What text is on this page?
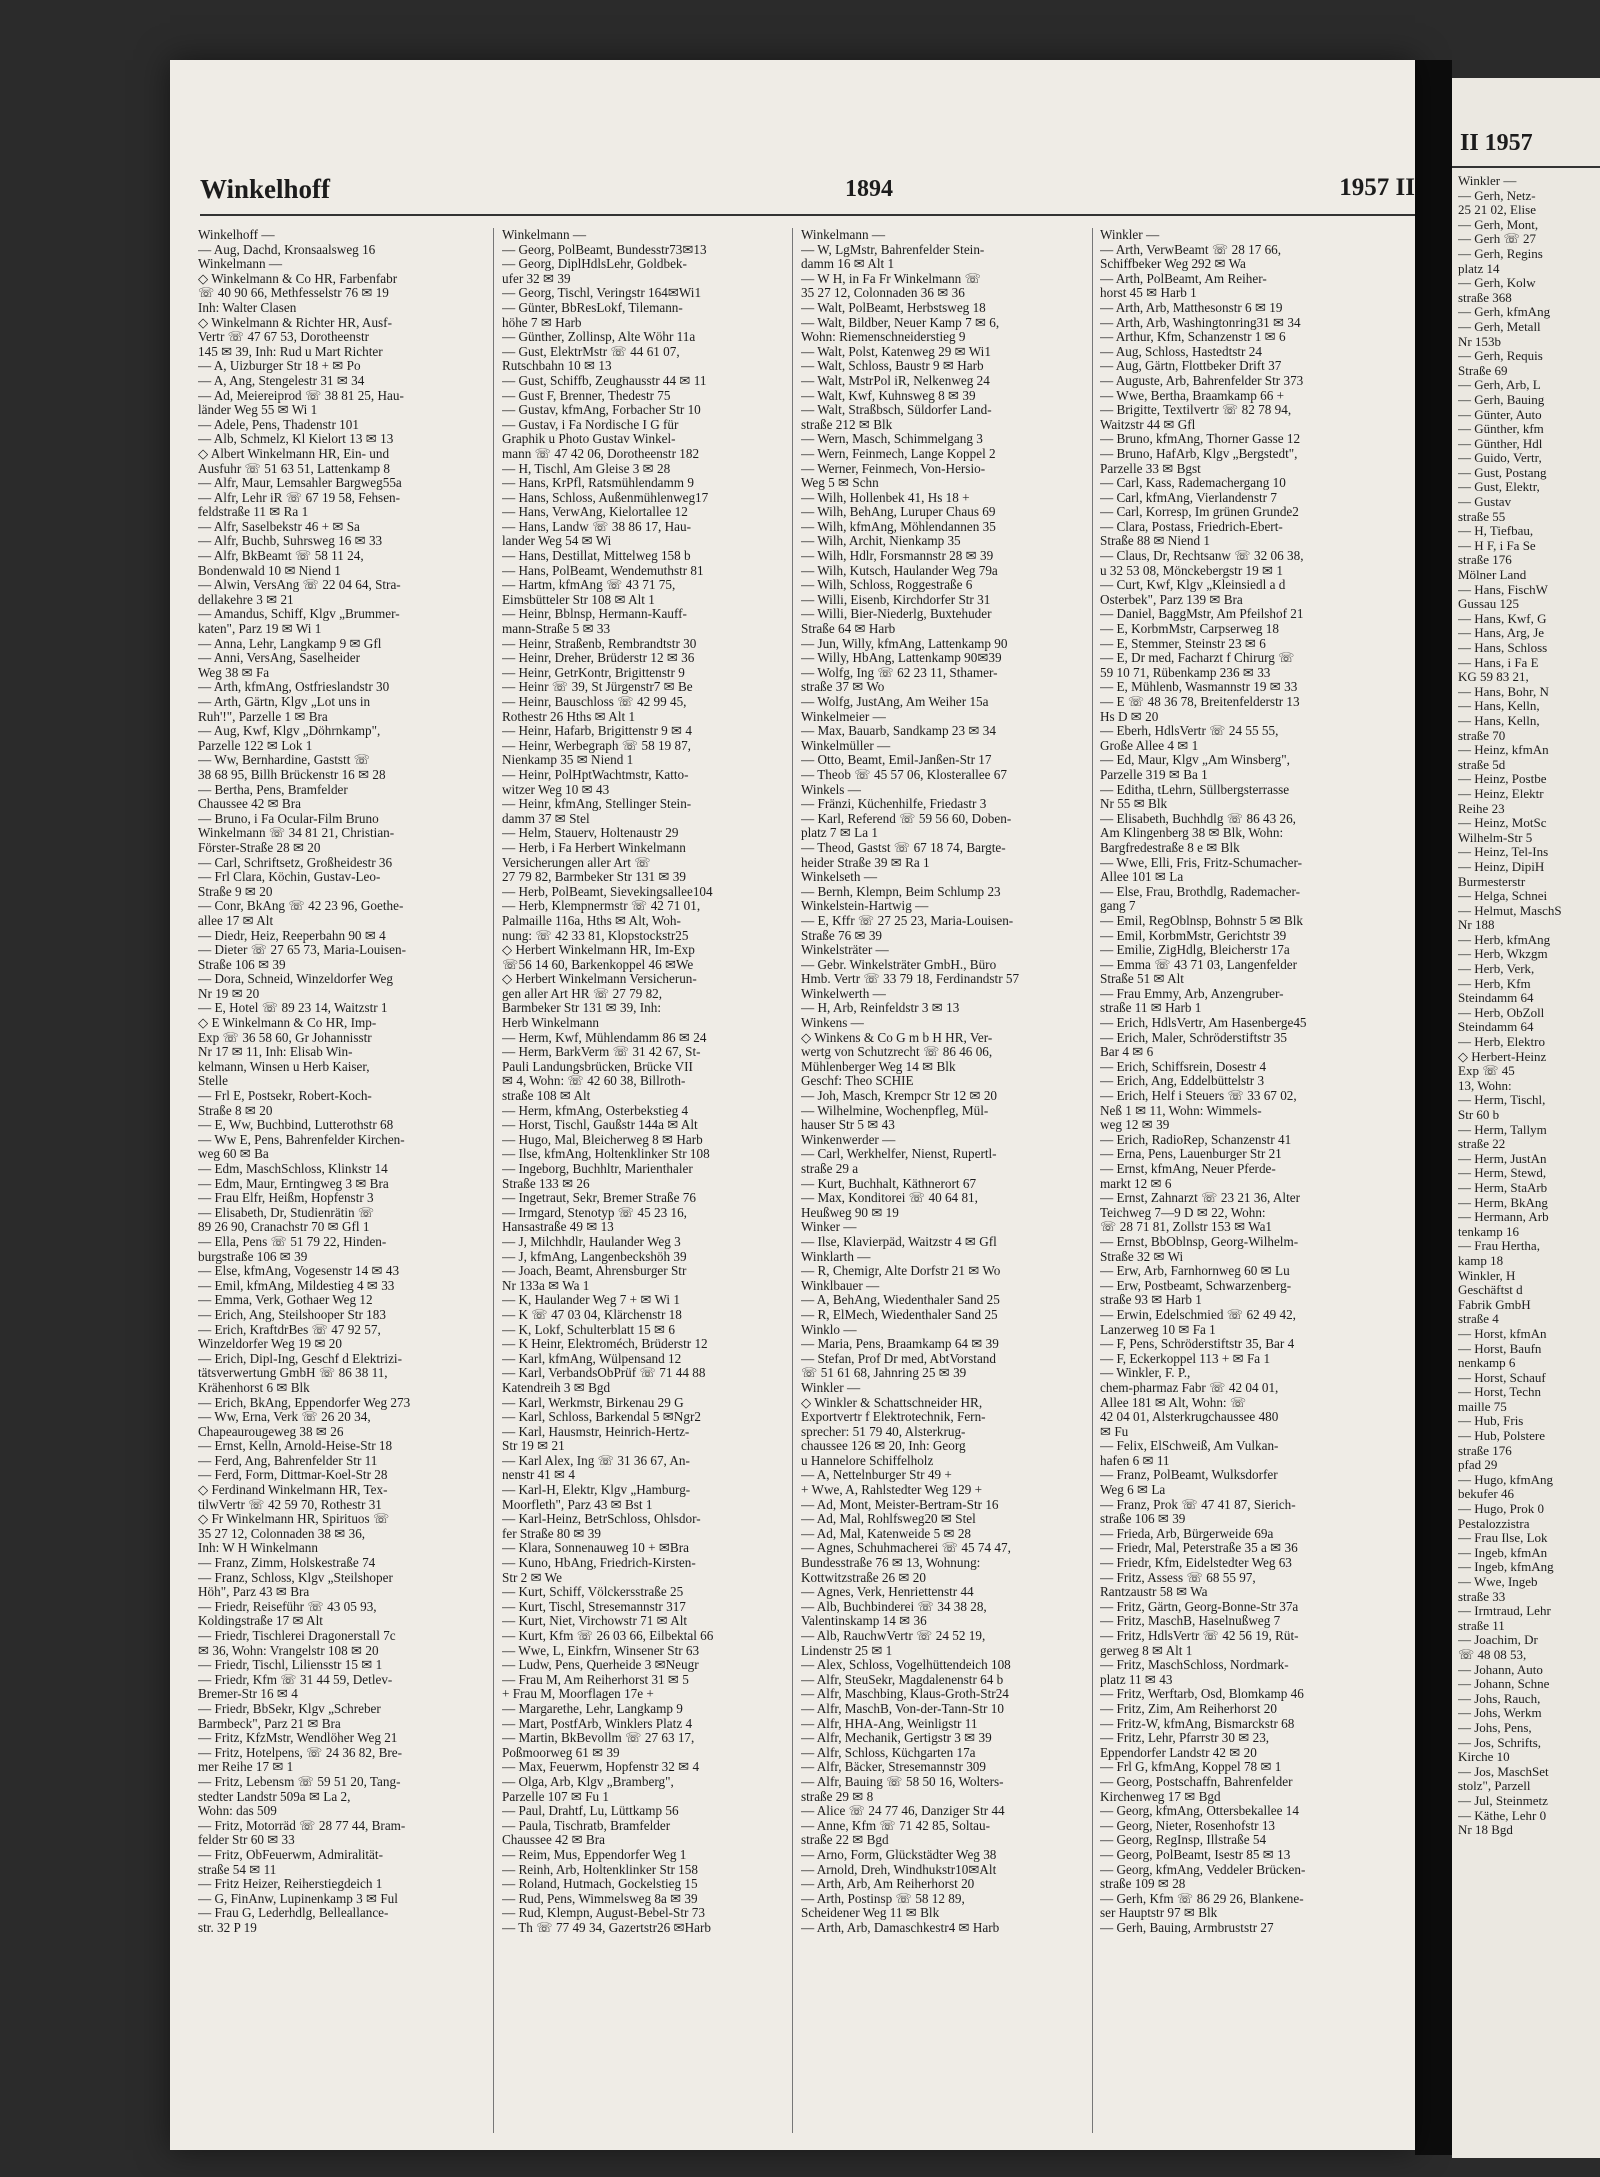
Winkelhoff	1894	1957 II
Winkelhoff —
— Aug, Dachd, Kronsaalsweg 16
Winkelmann —
◇ Winkelmann & Co HR, Farbenfabr
☏ 40 90 66, Methfesselstr 76 ✉ 19
Inh: Walter Clasen
◇ Winkelmann & Richter HR, Ausf-
Vertr ☏ 47 67 53, Dorotheenstr
145 ✉ 39, Inh: Rud u Mart Richter
— A, Uizburger Str 18 + ✉ Po
— A, Ang, Stengelestr 31 ✉ 34
— Ad, Meiereiprod ☏ 38 81 25, Hau-
länder Weg 55 ✉ Wi 1
— Adele, Pens, Thadenstr 101
— Alb, Schmelz, Kl Kielort 13 ✉ 13
◇ Albert Winkelmann HR, Ein- und
Ausfuhr ☏ 51 63 51, Lattenkamp 8
— Alfr, Maur, Lemsahler Bargweg55a
— Alfr, Lehr iR ☏ 67 19 58, Fehsen-
feldstraße 11 ✉ Ra 1
— Alfr, Saselbekstr 46 + ✉ Sa
— Alfr, Buchb, Suhrsweg 16 ✉ 33
— Alfr, BkBeamt ☏ 58 11 24,
Bondenwald 10 ✉ Niend 1
— Alwin, VersAng ☏ 22 04 64, Stra-
dellakehre 3 ✉ 21
— Amandus, Schiff, Klgv „Brummer-
katen", Parz 19 ✉ Wi 1
— Anna, Lehr, Langkamp 9 ✉ Gfl
— Anni, VersAng, Saselheider
Weg 38 ✉ Fa
— Arth, kfmAng, Ostfrieslandstr 30
— Arth, Gärtn, Klgv „Lot uns in
Ruh'!", Parzelle 1 ✉ Bra
— Aug, Kwf, Klgv „Döhrnkamp",
Parzelle 122 ✉ Lok 1
— Ww, Bernhardine, Gaststt ☏
38 68 95, Billh Brückenstr 16 ✉ 28
— Bertha, Pens, Bramfelder
Chaussee 42 ✉ Bra
— Bruno, i Fa Ocular-Film Bruno
Winkelmann ☏ 34 81 21, Christian-
Förster-Straße 28 ✉ 20
— Carl, Schriftsetz, Großheidestr 36
— Frl Clara, Köchin, Gustav-Leo-
Straße 9 ✉ 20
— Conr, BkAng ☏ 42 23 96, Goethe-
allee 17 ✉ Alt
— Diedr, Heiz, Reeperbahn 90 ✉ 4
— Dieter ☏ 27 65 73, Maria-Louisen-
Straße 106 ✉ 39
— Dora, Schneid, Winzeldorfer Weg
Nr 19 ✉ 20
— E, Hotel ☏ 89 23 14, Waitzstr 1
◇ E Winkelmann & Co HR, Imp-
Exp ☏ 36 58 60, Gr Johannisstr
Nr 17 ✉ 11, Inh: Elisab Win-
kelmann, Winsen u Herb Kaiser,
Stelle
— Frl E, Postsekr, Robert-Koch-
Straße 8 ✉ 20
— E, Ww, Buchbind, Lutterothstr 68
— Ww E, Pens, Bahrenfelder Kirchen-
weg 60 ✉ Ba
— Edm, MaschSchloss, Klinkstr 14
— Edm, Maur, Erntingweg 3 ✉ Bra
— Frau Elfr, Heißm, Hopfenstr 3
— Elisabeth, Dr, Studienrätin ☏
89 26 90, Cranachstr 70 ✉ Gfl 1
— Ella, Pens ☏ 51 79 22, Hinden-
burgstraße 106 ✉ 39
— Else, kfmAng, Vogesenstr 14 ✉ 43
— Emil, kfmAng, Mildestieg 4 ✉ 33
— Emma, Verk, Gothaer Weg 12
— Erich, Ang, Steilshooper Str 183
— Erich, KraftdrBes ☏ 47 92 57,
Winzeldorfer Weg 19 ✉ 20
— Erich, Dipl-Ing, Geschf d Elektrizi-
tätsverwertung GmbH ☏ 86 38 11,
Krähenhorst 6 ✉ Blk
— Erich, BkAng, Eppendorfer Weg 273
— Ww, Erna, Verk ☏ 26 20 34,
Chapeaurougeweg 38 ✉ 26
— Ernst, Kelln, Arnold-Heise-Str 18
— Ferd, Ang, Bahrenfelder Str 11
— Ferd, Form, Dittmar-Koel-Str 28
◇ Ferdinand Winkelmann HR, Tex-
tilwVertr ☏ 42 59 70, Rothestr 31
◇ Fr Winkelmann HR, Spirituos ☏
35 27 12, Colonnaden 38 ✉ 36,
Inh: W H Winkelmann
— Franz, Zimm, Holskestraße 74
— Franz, Schloss, Klgv „Steilshoper
Höh", Parz 43 ✉ Bra
— Friedr, Reiseführ ☏ 43 05 93,
Koldingstraße 17 ✉ Alt
— Friedr, Tischlerei Dragonerstall 7c
✉ 36, Wohn: Vrangelstr 108 ✉ 20
— Friedr, Tischl, Liliensstr 15 ✉ 1
— Friedr, Kfm ☏ 31 44 59, Detlev-
Bremer-Str 16 ✉ 4
— Friedr, BbSekr, Klgv „Schreber
Barmbeck", Parz 21 ✉ Bra
— Fritz, KfzMstr, Wendlöher Weg 21
— Fritz, Hotelpens, ☏ 24 36 82, Bre-
mer Reihe 17 ✉ 1
— Fritz, Lebensm ☏ 59 51 20, Tang-
stedter Landstr 509a ✉ La 2,
Wohn: das 509
— Fritz, Motorräd ☏ 28 77 44, Bram-
felder Str 60 ✉ 33
— Fritz, ObFeuerwm, Admiralität-
straße 54 ✉ 11
— Fritz Heizer, Reiherstiegdeich 1
— G, FinAnw, Lupinenkamp 3 ✉ Ful
— Frau G, Lederhdlg, Belleallance-
str. 32 P 19
Winkelmann —
— Georg, PolBeamt, Bundesstr73✉13
— Georg, DiplHdlsLehr, Goldbek-
ufer 32 ✉ 39
— Georg, Tischl, Veringstr 164✉Wi1
— Günter, BbResLokf, Tilemann-
höhe 7 ✉ Harb
— Günther, Zollinsp, Alte Wöhr 11a
— Gust, ElektrMstr ☏ 44 61 07,
Rutschbahn 10 ✉ 13
— Gust, Schiffb, Zeughausstr 44 ✉ 11
— Gust F, Brenner, Thedestr 75
— Gustav, kfmAng, Forbacher Str 10
— Gustav, i Fa Nordische I G für
Graphik u Photo Gustav Winkel-
mann ☏ 47 42 06, Dorotheenstr 182
— H, Tischl, Am Gleise 3 ✉ 28
— Hans, KrPfl, Ratsmühlendamm 9
— Hans, Schloss, Außenmühlenweg17
— Hans, VerwAng, Kielortallee 12
— Hans, Landw ☏ 38 86 17, Hau-
lander Weg 54 ✉ Wi
— Hans, Destillat, Mittelweg 158 b
— Hans, PolBeamt, Wendemuthstr 81
— Hartm, kfmAng ☏ 43 71 75,
Eimsbütteler Str 108 ✉ Alt 1
— Heinr, Bblnsp, Hermann-Kauff-
mann-Straße 5 ✉ 33
— Heinr, Straßenb, Rembrandtstr 30
— Heinr, Dreher, Brüderstr 12 ✉ 36
— Heinr, GetrKontr, Brigittenstr 9
— Heinr ☏ 39, St Jürgenstr7 ✉ Be
— Heinr, Bauschloss ☏ 42 99 45,
Rothestr 26 Hths ✉ Alt 1
— Heinr, Hafarb, Brigittenstr 9 ✉ 4
— Heinr, Werbegraph ☏ 58 19 87,
Nienkamp 35 ✉ Niend 1
— Heinr, PolHptWachtmstr, Katto-
witzer Weg 10 ✉ 43
— Heinr, kfmAng, Stellinger Stein-
damm 37 ✉ Stel
— Helm, Stauerv, Holtenaustr 29
— Herb, i Fa Herbert Winkelmann
Versicherungen aller Art ☏
27 79 82, Barmbeker Str 131 ✉ 39
— Herb, PolBeamt, Sievekingsallee104
— Herb, Klempnermstr ☏ 42 71 01,
Palmaille 116a, Hths ✉ Alt, Woh-
nung: ☏ 42 33 81, Klopstockstr25
◇ Herbert Winkelmann HR, Im-Exp
☏56 14 60, Barkenkoppel 46 ✉We
◇ Herbert Winkelmann Versicherun-
gen aller Art HR ☏ 27 79 82,
Barmbeker Str 131 ✉ 39, Inh:
Herb Winkelmann
— Herm, Kwf, Mühlendamm 86 ✉ 24
— Herm, BarkVerm ☏ 31 42 67, St-
Pauli Landungsbrücken, Brücke VII
✉ 4, Wohn: ☏ 42 60 38, Billroth-
straße 108 ✉ Alt
— Herm, kfmAng, Osterbekstieg 4
— Horst, Tischl, Gaußstr 144a ✉ Alt
— Hugo, Mal, Bleicherweg 8 ✉ Harb
— Ilse, kfmAng, Holtenklinker Str 108
— Ingeborg, Buchhltr, Marienthaler
Straße 133 ✉ 26
— Ingetraut, Sekr, Bremer Straße 76
— Irmgard, Stenotyp ☏ 45 23 16,
Hansastraße 49 ✉ 13
— J, Milchhdlr, Haulander Weg 3
— J, kfmAng, Langenbeckshöh 39
— Joach, Beamt, Ahrensburger Str
Nr 133a ✉ Wa 1
— K, Haulander Weg 7 + ✉ Wi 1
— K ☏ 47 03 04, Klärchenstr 18
— K, Lokf, Schulterblatt 15 ✉ 6
— K Heinr, Elektroméch, Brüderstr 12
— Karl, kfmAng, Wülpensand 12
— Karl, VerbandsObPrüf ☏ 71 44 88
Katendreih 3 ✉ Bgd
— Karl, Werkmstr, Birkenau 29 G
— Karl, Schloss, Barkendal 5 ✉Ngr2
— Karl, Hausmstr, Heinrich-Hertz-
Str 19 ✉ 21
— Karl Alex, Ing ☏ 31 36 67, An-
nenstr 41 ✉ 4
— Karl-H, Elektr, Klgv „Hamburg-
Moorfleth", Parz 43 ✉ Bst 1
— Karl-Heinz, BetrSchloss, Ohlsdor-
fer Straße 80 ✉ 39
— Klara, Sonnenauweg 10 + ✉Bra
— Kuno, HbAng, Friedrich-Kirsten-
Str 2 ✉ We
— Kurt, Schiff, Völckersstraße 25
— Kurt, Tischl, Stresemannstr 317
— Kurt, Niet, Virchowstr 71 ✉ Alt
— Kurt, Kfm ☏ 26 03 66, Eilbektal 66
— Wwe, L, Einkfrn, Winsener Str 63
— Ludw, Pens, Querheide 3 ✉Neugr
— Frau M, Am Reiherhorst 31 ✉ 5
+ Frau M, Moorflagen 17e +
— Margarethe, Lehr, Langkamp 9
— Mart, PostfArb, Winklers Platz 4
— Martin, BkBevollm ☏ 27 63 17,
Poßmoorweg 61 ✉ 39
— Max, Feuerwm, Hopfenstr 32 ✉ 4
— Olga, Arb, Klgv „Bramberg",
Parzelle 107 ✉ Fu 1
— Paul, Drahtf, Lu, Lüttkamp 56
— Paula, Tischratb, Bramfelder
Chaussee 42 ✉ Bra
— Reim, Mus, Eppendorfer Weg 1
— Reinh, Arb, Holtenklinker Str 158
— Roland, Hutmach, Gockelstieg 15
— Rud, Pens, Wimmelsweg 8a ✉ 39
— Rud, Klempn, August-Bebel-Str 73
— Th ☏ 77 49 34, Gazertstr26 ✉Harb
Winkelmann —
— W, LgMstr, Bahrenfelder Stein-
damm 16 ✉ Alt 1
— W H, in Fa Fr Winkelmann ☏
35 27 12, Colonnaden 36 ✉ 36
— Walt, PolBeamt, Herbstsweg 18
— Walt, Bildber, Neuer Kamp 7 ✉ 6,
Wohn: Riemenschneiderstieg 9
— Walt, Polst, Katenweg 29 ✉ Wi1
— Walt, Schloss, Baustr 9 ✉ Harb
— Walt, MstrPol iR, Nelkenweg 24
— Walt, Kwf, Kuhnsweg 8 ✉ 39
— Walt, Straßbsch, Süldorfer Land-
straße 212 ✉ Blk
— Wern, Masch, Schimmelgang 3
— Wern, Feinmech, Lange Koppel 2
— Werner, Feinmech, Von-Hersio-
Weg 5 ✉ Schn
— Wilh, Hollenbek 41, Hs 18 +
— Wilh, BehAng, Luruper Chaus 69
— Wilh, kfmAng, Möhlendannen 35
— Wilh, Archit, Nienkamp 35
— Wilh, Hdlr, Forsmannstr 28 ✉ 39
— Wilh, Kutsch, Haulander Weg 79a
— Wilh, Schloss, Roggestraße 6
— Willi, Eisenb, Kirchdorfer Str 31
— Willi, Bier-Niederlg, Buxtehuder
Straße 64 ✉ Harb
— Jun, Willy, kfmAng, Lattenkamp 90
— Willy, HbAng, Lattenkamp 90✉39
— Wolfg, Ing ☏ 62 23 11, Sthamer-
straße 37 ✉ Wo
— Wolfg, JustAng, Am Weiher 15a
Winkelmeier —
— Max, Bauarb, Sandkamp 23 ✉ 34
Winkelmüller —
— Otto, Beamt, Emil-Janßen-Str 17
— Theob ☏ 45 57 06, Klosterallee 67
Winkels —
— Fränzi, Küchenhilfe, Friedastr 3
— Karl, Referend ☏ 59 56 60, Doben-
platz 7 ✉ La 1
— Theod, Gastst ☏ 67 18 74, Bargte-
heider Straße 39 ✉ Ra 1
Winkelseth —
— Bernh, Klempn, Beim Schlump 23
Winkelstein-Hartwig —
— E, Kffr ☏ 27 25 23, Maria-Louisen-
Straße 76 ✉ 39
Winkelsträter —
— Gebr. Winkelsträter GmbH., Büro
Hmb. Vertr ☏ 33 79 18, Ferdinandstr 57
Winkelwerth —
— H, Arb, Reinfeldstr 3 ✉ 13
Winkens —
◇ Winkens & Co G m b H HR, Ver-
wertg von Schutzrecht ☏ 86 46 06,
Mühlenberger Weg 14 ✉ Blk
Geschf: Theo SCHIE
— Joh, Masch, Krempcr Str 12 ✉ 20
— Wilhelmine, Wochenpfleg, Mül-
hauser Str 5 ✉ 43
Winkenwerder —
— Carl, Werkhelfer, Nienst, Rupertl-
straße 29 a
— Kurt, Buchhalt, Käthnerort 67
— Max, Konditorei ☏ 40 64 81,
Heußweg 90 ✉ 19
Winker —
— Ilse, Klavierpäd, Waitzstr 4 ✉ Gfl
Winklarth —
— R, Chemigr, Alte Dorfstr 21 ✉ Wo
Winklbauer —
— A, BehAng, Wiedenthaler Sand 25
— R, ElMech, Wiedenthaler Sand 25
Winklo —
— Maria, Pens, Braamkamp 64 ✉ 39
— Stefan, Prof Dr med, AbtVorstand
☏ 51 61 68, Jahnring 25 ✉ 39
Winkler —
◇ Winkler & Schattschneider HR,
Exportvertr f Elektrotechnik, Fern-
sprecher: 51 79 40, Alsterkrug-
chaussee 126 ✉ 20, Inh: Georg
u Hannelore Schiffelholz
— A, Nettelnburger Str 49 +
+ Wwe, A, Rahlstedter Weg 129 +
— Ad, Mont, Meister-Bertram-Str 16
— Ad, Mal, Rohlfsweg20 ✉ Stel
— Ad, Mal, Katenweide 5 ✉ 28
— Agnes, Schuhmacherei ☏ 45 74 47,
Bundesstraße 76 ✉ 13, Wohnung:
Kottwitzstraße 26 ✉ 20
— Agnes, Verk, Henriettenstr 44
— Alb, Buchbinderei ☏ 34 38 28,
Valentinskamp 14 ✉ 36
— Alb, RauchwVertr ☏ 24 52 19,
Lindenstr 25 ✉ 1
— Alex, Schloss, Vogelhüttendeich 108
— Alfr, SteuSekr, Magdalenenstr 64 b
— Alfr, Maschbing, Klaus-Groth-Str24
— Alfr, MaschB, Von-der-Tann-Str 10
— Alfr, HHA-Ang, Weinligstr 11
— Alfr, Mechanik, Gertigstr 3 ✉ 39
— Alfr, Schloss, Küchgarten 17a
— Alfr, Bäcker, Stresemannstr 309
— Alfr, Bauing ☏ 58 50 16, Wolters-
straße 29 ✉ 8
— Alice ☏ 24 77 46, Danziger Str 44
— Anne, Kfm ☏ 71 42 85, Soltau-
straße 22 ✉ Bgd
— Arno, Form, Glückstädter Weg 38
— Arnold, Dreh, Windhukstr10✉Alt
— Arth, Arb, Am Reiherhorst 20
— Arth, Postinsp ☏ 58 12 89,
Scheidener Weg 11 ✉ Blk
— Arth, Arb, Damaschkestr4 ✉ Harb
Winkler —
— Arth, VerwBeamt ☏ 28 17 66,
Schiffbeker Weg 292 ✉ Wa
— Arth, PolBeamt, Am Reiher-
horst 45 ✉ Harb 1
— Arth, Arb, Matthesonstr 6 ✉ 19
— Arth, Arb, Washingtonring31 ✉ 34
— Arthur, Kfm, Schanzenstr 1 ✉ 6
— Aug, Schloss, Hastedtstr 24
— Aug, Gärtn, Flottbeker Drift 37
— Auguste, Arb, Bahrenfelder Str 373
— Wwe, Bertha, Braamkamp 66 +
— Brigitte, Textilvertr ☏ 82 78 94,
Waitzstr 44 ✉ Gfl
— Bruno, kfmAng, Thorner Gasse 12
— Bruno, HafArb, Klgv „Bergstedt",
Parzelle 33 ✉ Bgst
— Carl, Kass, Rademachergang 10
— Carl, kfmAng, Vierlandenstr 7
— Carl, Korresp, Im grünen Grunde2
— Clara, Postass, Friedrich-Ebert-
Straße 88 ✉ Niend 1
— Claus, Dr, Rechtsanw ☏ 32 06 38,
u 32 53 08, Mönckebergstr 19 ✉ 1
— Curt, Kwf, Klgv „Kleinsiedl a d
Osterbek", Parz 139 ✉ Bra
— Daniel, BaggMstr, Am Pfeilshof 21
— E, KorbmMstr, Carpserweg 18
— E, Stemmer, Steinstr 23 ✉ 6
— E, Dr med, Facharzt f Chirurg ☏
59 10 71, Rübenkamp 236 ✉ 33
— E, Mühlenb, Wasmannstr 19 ✉ 33
— E ☏ 48 36 78, Breitenfelderstr 13
Hs D ✉ 20
— Eberh, HdlsVertr ☏ 24 55 55,
Große Allee 4 ✉ 1
— Ed, Maur, Klgv „Am Winsberg",
Parzelle 319 ✉ Ba 1
— Editha, tLehrn, Süllbergsterrasse
Nr 55 ✉ Blk
— Elisabeth, Buchhdlg ☏ 86 43 26,
Am Klingenberg 38 ✉ Blk, Wohn:
Bargfredestraße 8 e ✉ Blk
— Wwe, Elli, Fris, Fritz-Schumacher-
Allee 101 ✉ La
— Else, Frau, Brothdlg, Rademacher-
gang 7
— Emil, RegOblnsp, Bohnstr 5 ✉ Blk
— Emil, KorbmMstr, Gerichtstr 39
— Emilie, ZigHdlg, Bleicherstr 17a
— Emma ☏ 43 71 03, Langenfelder
Straße 51 ✉ Alt
— Frau Emmy, Arb, Anzengruber-
straße 11 ✉ Harb 1
— Erich, HdlsVertr, Am Hasenberge45
— Erich, Maler, Schröderstiftstr 35
Bar 4 ✉ 6
— Erich, Schiffsrein, Dosestr 4
— Erich, Ang, Eddelbüttelstr 3
— Erich, Helf i Steuers ☏ 33 67 02,
Neß 1 ✉ 11, Wohn: Wimmels-
weg 12 ✉ 39
— Erich, RadioRep, Schanzenstr 41
— Erna, Pens, Lauenburger Str 21
— Ernst, kfmAng, Neuer Pferde-
markt 12 ✉ 6
— Ernst, Zahnarzt ☏ 23 21 36, Alter
Teichweg 7—9 D ✉ 22, Wohn:
☏ 28 71 81, Zollstr 153 ✉ Wa1
— Ernst, BbOblnsp, Georg-Wilhelm-
Straße 32 ✉ Wi
— Erw, Arb, Farnhornweg 60 ✉ Lu
— Erw, Postbeamt, Schwarzenberg-
straße 93 ✉ Harb 1
— Erwin, Edelschmied ☏ 62 49 42,
Lanzerweg 10 ✉ Fa 1
— F, Pens, Schröderstiftstr 35, Bar 4
— F, Eckerkoppel 113 + ✉ Fa 1
— Winkler, F. P.,
chem-pharmaz Fabr ☏ 42 04 01,
Allee 181 ✉ Alt, Wohn: ☏
42 04 01, Alsterkrugchaussee 480
✉ Fu
— Felix, ElSchweiß, Am Vulkan-
hafen 6 ✉ 11
— Franz, PolBeamt, Wulksdorfer
Weg 6 ✉ La
— Franz, Prok ☏ 47 41 87, Sierich-
straße 106 ✉ 39
— Frieda, Arb, Bürgerweide 69a
— Friedr, Mal, Peterstraße 35 a ✉ 36
— Friedr, Kfm, Eidelstedter Weg 63
— Fritz, Assess ☏ 68 55 97,
Rantzaustr 58 ✉ Wa
— Fritz, Gärtn, Georg-Bonne-Str 37a
— Fritz, MaschB, Haselnußweg 7
— Fritz, HdlsVertr ☏ 42 56 19, Rüt-
gerweg 8 ✉ Alt 1
— Fritz, MaschSchloss, Nordmark-
platz 11 ✉ 43
— Fritz, Werftarb, Osd, Blomkamp 46
— Fritz, Zim, Am Reiherhorst 20
— Fritz-W, kfmAng, Bismarckstr 68
— Fritz, Lehr, Pfarrstr 30 ✉ 23,
Eppendorfer Landstr 42 ✉ 20
— Frl G, kfmAng, Koppel 78 ✉ 1
— Georg, Postschaffn, Bahrenfelder
Kirchenweg 17 ✉ Bgd
— Georg, kfmAng, Ottersbekallee 14
— Georg, Nieter, Rosenhofstr 13
— Georg, RegInsp, Illstraße 54
— Georg, PolBeamt, Isestr 85 ✉ 13
— Georg, kfmAng, Veddeler Brücken-
straße 109 ✉ 28
— Gerh, Kfm ☏ 86 29 26, Blankene-
ser Hauptstr 97 ✉ Blk
— Gerh, Bauing, Armbruststr 27
II 1957
Winkler —
— Gerh, Netz-
25 21 02, Elise
— Gerh, Mont,
— Gerh ☏ 27
— Gerh, Regins
platz 14
— Gerh, Kolw
straße 368
— Gerh, kfmAng
— Gerh, Metall
Nr 153b
— Gerh, Requis
Straße 69
— Gerh, Arb, L
— Gerh, Bauing
— Günter, Auto
— Günther, kfm
— Günther, Hdl
— Guido, Vertr,
— Gust, Postang
— Gust, Elektr,
— Gustav
straße 55
— H, Tiefbau,
— H F, i Fa Se
straße 176
Mölner Land
— Hans, FischW
Gussau 125
— Hans, Kwf, G
— Hans, Arg, Je
— Hans, Schloss
— Hans, i Fa E
KG 59 83 21,
— Hans, Bohr, N
— Hans, Kelln,
— Hans, Kelln,
straße 70
— Heinz, kfmAn
straße 5d
— Heinz, Postbe
— Heinz, Elektr
Reihe 23
— Heinz, MotSc
Wilhelm-Str 5
— Heinz, Tel-Ins
— Heinz, DipiH
Burmesterstr
— Helga, Schnei
— Helmut, MaschS
Nr 188
— Herb, kfmAng
— Herb, Wkzgm
— Herb, Verk,
— Herb, Kfm
Steindamm 64
— Herb, ObZoll
Steindamm 64
— Herb, Elektro
◇ Herbert-Heinz
Exp ☏ 45
13, Wohn:
— Herm, Tischl,
Str 60 b
— Herm, Tallym
straße 22
— Herm, JustAn
— Herm, Stewd,
— Herm, StaArb
— Herm, BkAng
— Hermann, Arb
tenkamp 16
— Frau Hertha,
kamp 18
Winkler, H
Geschäftst d
Fabrik GmbH
straße 4
— Horst, kfmAn
— Horst, Baufn
nenkamp 6
— Horst, Schauf
— Horst, Techn
maille 75
— Hub, Fris
— Hub, Polstere
straße 176
pfad 29
— Hugo, kfmAng
bekufer 46
— Hugo, Prok 0
Pestalozzistra
— Frau Ilse, Lok
— Ingeb, kfmAn
— Ingeb, kfmAng
— Wwe, Ingeb
straße 33
— Irmtraud, Lehr
straße 11
— Joachim, Dr
☏ 48 08 53,
— Johann, Auto
— Johann, Schne
— Johs, Rauch,
— Johs, Werkm
— Johs, Pens,
— Jos, Schrifts,
Kirche 10
— Jos, MaschSet
stolz", Parzell
— Jul, Steinmetz
— Käthe, Lehr 0
Nr 18 Bgd
